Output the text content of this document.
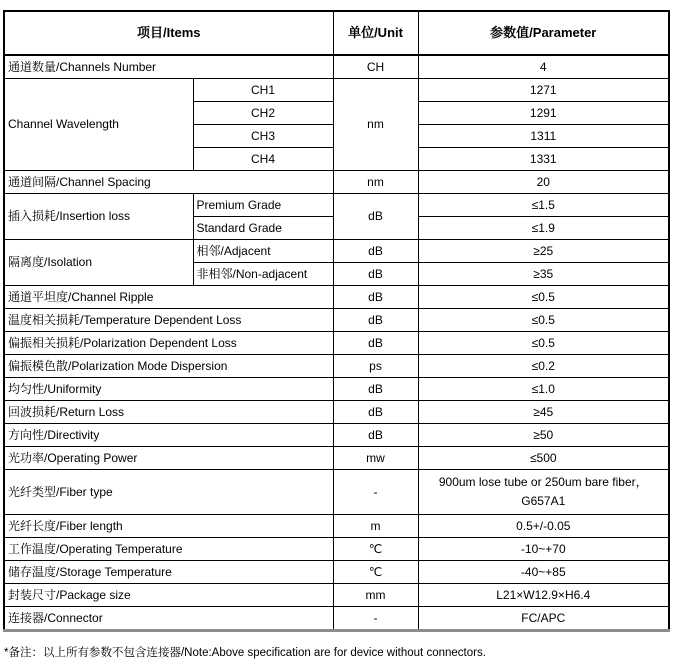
项目/Items		单位/Unit	参数值/Parameter
通道数量/Channels Number		CH	4
Channel Wavelength	CH1	nm	1271
	CH2		1291
	CH3		1311
	CH4		1331
通道间隔/Channel Spacing		nm	20
插入损耗/Insertion loss	Premium Grade	dB	≤1.5
	Standard Grade		≤1.9
隔离度/Isolation	相邻/Adjacent	dB	≥25
	非相邻/Non-adjacent	dB	≥35
通道平坦度/Channel Ripple		dB	≤0.5
温度相关损耗/Temperature Dependent Loss		dB	≤0.5
偏振相关损耗/Polarization Dependent Loss		dB	≤0.5
偏振模色散/Polarization Mode Dispersion		ps	≤0.2
均匀性/Uniformity		dB	≤1.0
回波损耗/Return Loss		dB	≥45
方向性/Directivity		dB	≥50
光功率/Operating Power		mw	≤500
光纤类型/Fiber type		-	900um lose tube or 250um bare fiber，
G657A1

光纤长度/Fiber length		m	0.5+/-0.05
工作温度/Operating Temperature		℃	-10~+70
储存温度/Storage Temperature		℃	-40~+85
封装尺寸/Package size		mm	L21×W12.9×H6.4
连接器/Connector		-	FC/APC
*备注：以上所有参数不包含连接器/Note:Above specification are for device without connectors.
